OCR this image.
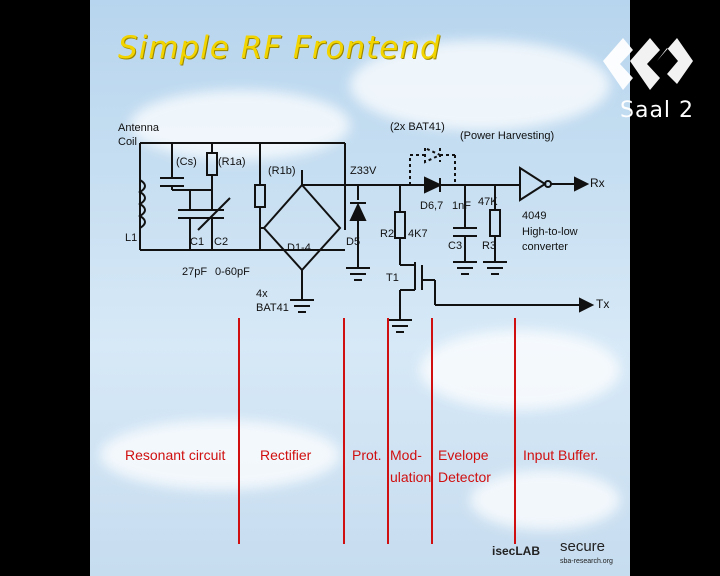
Simple RF Frontend
Antenna
Coil
(Cs) (R1a)
(R1b)	Z33V
(2x BAT41)
(Power Harvesting)
Rx
Tx
L1	C1 C2
27pF 0-60pF
D1-4
4x
BAT41
D5
R2 4K7
T1
D6,7 1nF 47K
C3 R3
4049
High-to-low
converter
Resonant circuit Rectifier	Prot. Mod-
ulation
Evelope
Detector
Input Buffer.
isecLAB secure
sba-research.org
Saal 2
